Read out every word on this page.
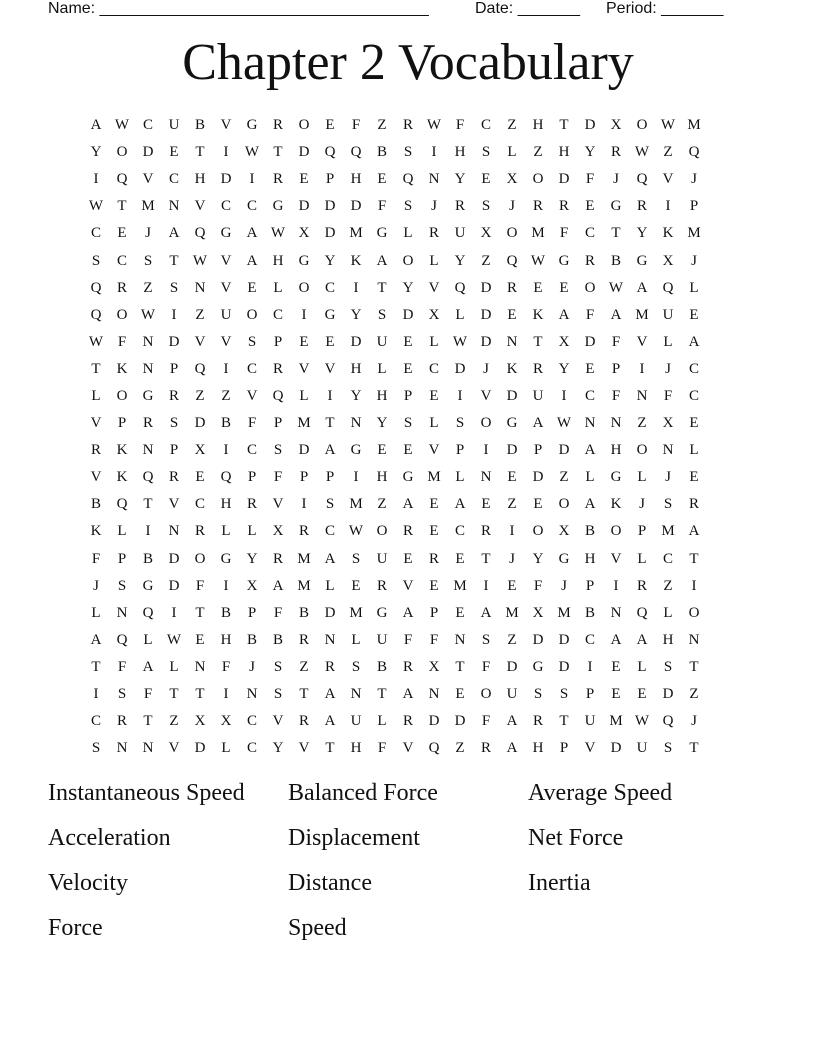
Name: _____________________________________	Date: _______ Period: _______
Chapter 2 Vocabulary
A W C	U	B	V	G	R	O	E	F	Z	R W F	C	Z	H	T	D	X	O W M
Y	O	D	E	T	I	W T	D	Q	Q	B	S	I	H	S	L	Z	H	Y	R W Z	Q
I	Q	V	C	H	D	I	R	E	P	H	E	Q	N	Y	E	X	O	D	F	J	Q	V	J
W T M N	V	C	C	G	D	D	D	F	S	J	R	S	J	R	R	E	G	R	I	P
C	E	J	A	Q	G	A W X	D M G	L	R	U	X	O M	F	C	T	Y	K M
S	C	S	T W V	A	H	G	Y	K	A	O	L	Y	Z	Q W G	R	B	G	X	J
Q	R	Z	S	N	V	E	L	O	C	I	T	Y	V	Q	D	R	E	E	O W A	Q	L
Q	O W	I	Z	U	O	C	I	G	Y	S	D	X	L	D	E	K	A	F	A M U	E
W F	N	D	V	V	S	P	E	E	D	U	E	L W D	N	T	X	D	F	V	L	A
T	K	N	P	Q	I	C	R	V	V	H	L	E	C	D	J	K	R	Y	E	P	I	J	C
L	O	G	R	Z	Z	V	Q	L	I	Y	H	P	E	I	V	D	U	I	C	F	N	F	C
V	P	R	S	D	B	F	P	M T	N	Y	S	L	S	O	G	A W N	N	Z	X	E
R	K	N	P	X	I	C	S	D	A	G	E	E	V	P	I	D	P	D	A	H	O	N	L
V	K	Q	R	E	Q	P	F	P	P	I	H	G M L	N	E	D	Z	L	G	L	J	E
B	Q	T	V	C	H	R	V	I	S	M Z	A	E	A	E	Z	E	O	A	K	J	S	R
K	L	I	N	R	L	L	X	R	C W O	R	E	C	R	I	O	X	B	O	P	M A
F	P	B	D	O	G	Y	R M A	S	U	E	R	E	T	J	Y	G	H	V	L	C	T
J	S	G	D	F	I	X	A M L	E	R	V	E M	I	E	F	J	P	I	R	Z	I
L	N	Q	I	T	B	P	F	B	D M G	A	P	E	A M X M B	N	Q	L	O
A	Q	L W E	H	B	B	R	N	L	U	F	F	N	S	Z	D	D	C	A	A	H	N
T	F	A	L	N	F	J	S	Z	R	S	B	R	X	T	F	D	G	D	I	E	L	S	T
I	S	F	T	T	I	N	S	T	A	N	T	A	N	E	O	U	S	S	P	E	E	D	Z
C	R	T	Z	X	X	C	V	R	A	U	L	R	D	D	F	A	R	T	U M W Q	J
S	N	N	V	D	L	C	Y	V	T	H	F	V	Q	Z	R	A	H	P	V	D	U	S	T
Instantaneous Speed	Balanced Force	Average Speed
Acceleration	Displacement	Net Force
Velocity	Distance	Inertia
Force	Speed
